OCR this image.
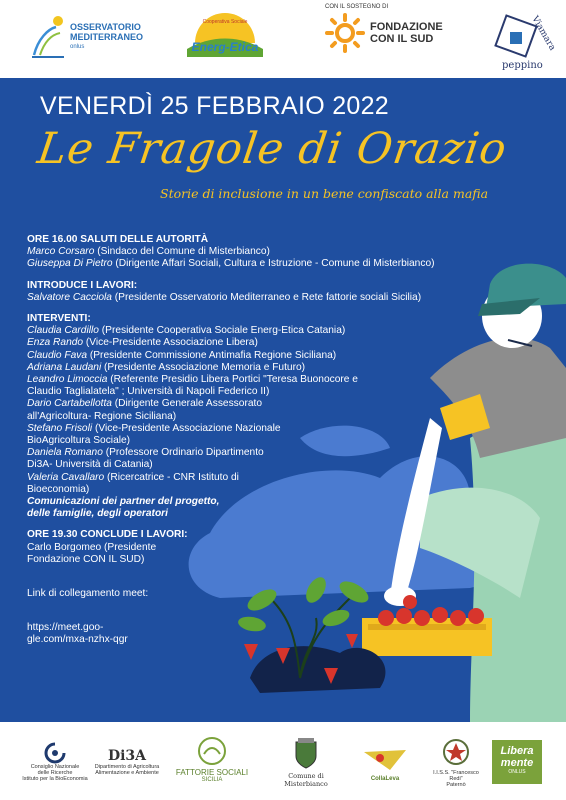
OSSERVATORIO
MEDITERRANEO
onlus	Energ-Etica
Cooperativa Sociale
CON IL SOSTEGNO DI
FONDAZIONE
CON IL SUD	Viamara
peppino
VENERDÌ 25 FEBBRAIO 2022
Le Fragole di Orazio
Storie di inclusione in un bene confiscato alla mafia
ORE 16.00 SALUTI DELLE AUTORITÀ
Marco Corsaro (Sindaco del Comune di Misterbianco)
Giuseppa Di Pietro (Dirigente Affari Sociali, Cultura e Istruzione - Comune di Misterbianco)
INTRODUCE I LAVORI:
Salvatore Cacciola (Presidente Osservatorio Mediterraneo e Rete fattorie sociali Sicilia)
INTERVENTI:
Claudia Cardillo (Presidente Cooperativa Sociale Energ-Etica Catania)
Enza Rando (Vice-Presidente Associazione Libera)
Claudio Fava (Presidente Commissione Antimafia Regione Siciliana)
Adriana Laudani (Presidente Associazione Memoria e Futuro)
Leandro Limoccia (Referente Presidio Libera Portici "Teresa Buonocore e
Claudio Taglialatela" ; Università di Napoli Federico II)
Dario Cartabellotta (Dirigente Generale Assessorato
all'Agricoltura- Regione Siciliana)
Stefano Frisoli (Vice-Presidente Associazione Nazionale
BioAgricoltura Sociale)
Daniela Romano (Professore Ordinario Dipartimento
Di3A- Università di Catania)
Valeria Cavallaro (Ricercatrice - CNR Istituto di
Bioeconomia)
Comunicazioni dei partner del progetto,
delle famiglie, degli operatori
ORE 19.30 CONCLUDE I LAVORI:
Carlo Borgomeo (Presidente
Fondazione CON IL SUD)
Link di collegamento meet:
https://meet.goo-
gle.com/mxa-nzhx-qgr
Consiglio Nazionale
delle Ricerche
Istituto per la BioEconomia
Di3A
Dipartimento di Agricoltura
Alimentazione e Ambiente	FATTORIE SOCIALI
SICILIA	Comune di Misterbianco
CollaLeva
I.I.S.S. "Francesco Redi"
Paternò
Libera
mente
ONLUS
